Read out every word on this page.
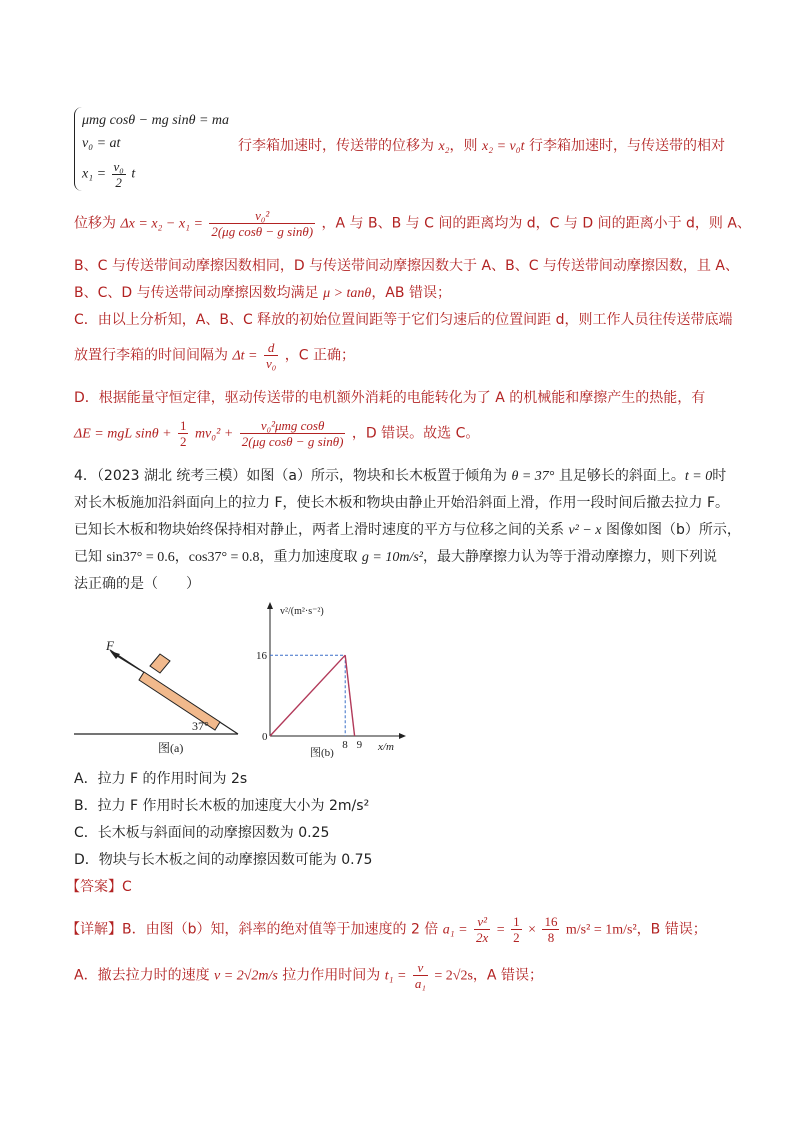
μmg cosθ − mg sinθ = ma
v₀ = at
$x_1 = \frac{\text{v₀}}{2}$ t
行李箱加速时，传送带的位移为 x₂，则 x₂ = v₀t 行李箱加速时，与传送带的相对
位移为 $\Delta x = x_2 - x_1 = \frac{\text{v₀²}}{\text{2(μg cosθ − g sinθ)}}$ ，A 与 B、B 与 C 间的距离均为 d，C 与 D 间的距离小于 d，则 A、
B、C 与传送带间动摩擦因数相同，D 与传送带间动摩擦因数大于 A、B、C 与传送带间动摩擦因数，且 A、
B、C、D 与传送带间动摩擦因数均满足 μ > tanθ，AB 错误；
C．由以上分析知，A、B、C 释放的初始位置间距等于它们匀速后的位置间距 d，则工作人员往传送带底端
放置行李箱的时间间隔为 $\Delta t = \frac{d}{\text{v₀}}$ ，C 正确；
D．根据能量守恒定律，驱动传送带的电机额外消耗的电能转化为了 A 的机械能和摩擦产生的热能，有
ΔE = mgL $\sin\theta + \frac{1}{2} mv_0^2 + \frac{\text{v₀²μmg cosθ}}{\text{2(μg cosθ − g sinθ)}}$ ，D 错误。故选 C。
4．（2023 湖北 统考三模）如图（a）所示，物块和长木板置于倾角为 θ = 37° 且足够长的斜面上。t = 0时
对长木板施加沿斜面向上的拉力 F，使长木板和物块由静止开始沿斜面上滑，作用一段时间后撤去拉力 F。
已知长木板和物块始终保持相对静止，两者上滑时速度的平方与位移之间的关系 v² − x 图像如图（b）所示，
已知 sin37° = 0.6，cos37° = 0.8，重力加速度取 g = 10m/s²，最大静摩擦力认为等于滑动摩擦力，则下列说
法正确的是（　　）
F
37°
图(a)
16
8 9
v²/(m²·s⁻²)
x/m
0
图(b)
A．拉力 F 的作用时间为 2s
B．拉力 F 作用时长木板的加速度大小为 2m/s²
C．长木板与斜面间的动摩擦因数为 0.25
D．物块与长木板之间的动摩擦因数可能为 0.75
【答案】C
【详解】B．由图（b）知，斜率的绝对值等于加速度的 2 倍 $a_1 = \frac{\text{v²}}{2x} = \frac{1}{2} \times \frac{16}{8} m/s^2 = 1m/s^2$，B 错误；
A．撤去拉力时的速度 v = 2√2m/s 拉力作用时间为 $t_1 = \frac{v}{\text{a₁}} = 2√2s$，A 错误；
